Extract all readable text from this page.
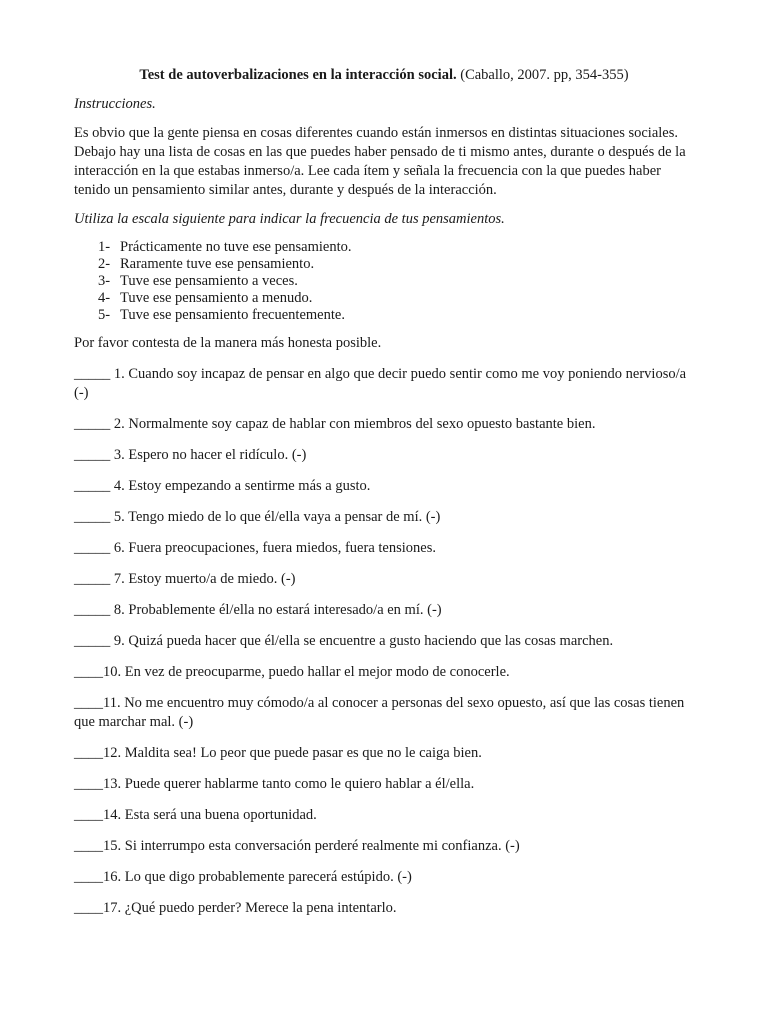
Test de autoverbalizaciones en la interacción social. (Caballo, 2007. pp, 354-355)

Instrucciones.

Es obvio que la gente piensa en cosas diferentes cuando están inmersos en distintas situaciones sociales. Debajo hay una lista de cosas en las que puedes haber pensado de ti mismo antes, durante o después de la interacción en la que estabas inmerso/a. Lee cada ítem y señala la frecuencia con la que puedes haber tenido un pensamiento similar antes, durante y después de la interacción.

Utiliza la escala siguiente para indicar la frecuencia de tus pensamientos.

1- Prácticamente no tuve ese pensamiento.
2- Raramente tuve ese pensamiento.
3- Tuve ese pensamiento a veces.
4- Tuve ese pensamiento a menudo.
5- Tuve ese pensamiento frecuentemente.

Por favor contesta de la manera más honesta posible.

_____ 1. Cuando soy incapaz de pensar en algo que decir puedo sentir como me voy poniendo nervioso/a (-)
_____ 2. Normalmente soy capaz de hablar con miembros del sexo opuesto bastante bien.
_____ 3. Espero no hacer el ridículo. (-)
_____ 4. Estoy empezando a sentirme más a gusto.
_____ 5. Tengo miedo de lo que él/ella vaya a pensar de mí. (-)
_____ 6. Fuera preocupaciones, fuera miedos, fuera tensiones.
_____ 7. Estoy muerto/a de miedo. (-)
_____ 8. Probablemente él/ella no estará interesado/a en mí. (-)
_____ 9. Quizá pueda hacer que él/ella se encuentre a gusto haciendo que las cosas marchen.
____10. En vez de preocuparme, puedo hallar el mejor modo de conocerle.
____11. No me encuentro muy cómodo/a al conocer a personas del sexo opuesto, así que las cosas tienen que marchar mal. (-)
____12. Maldita sea! Lo peor que puede pasar es que no le caiga bien.
____13. Puede querer hablarme tanto como le quiero hablar a él/ella.
____14. Esta será una buena oportunidad.
____15. Si interrumpo esta conversación perderé realmente mi confianza. (-)
____16. Lo que digo probablemente parecerá estúpido. (-)
____17. ¿Qué puedo perder? Merece la pena intentarlo.
